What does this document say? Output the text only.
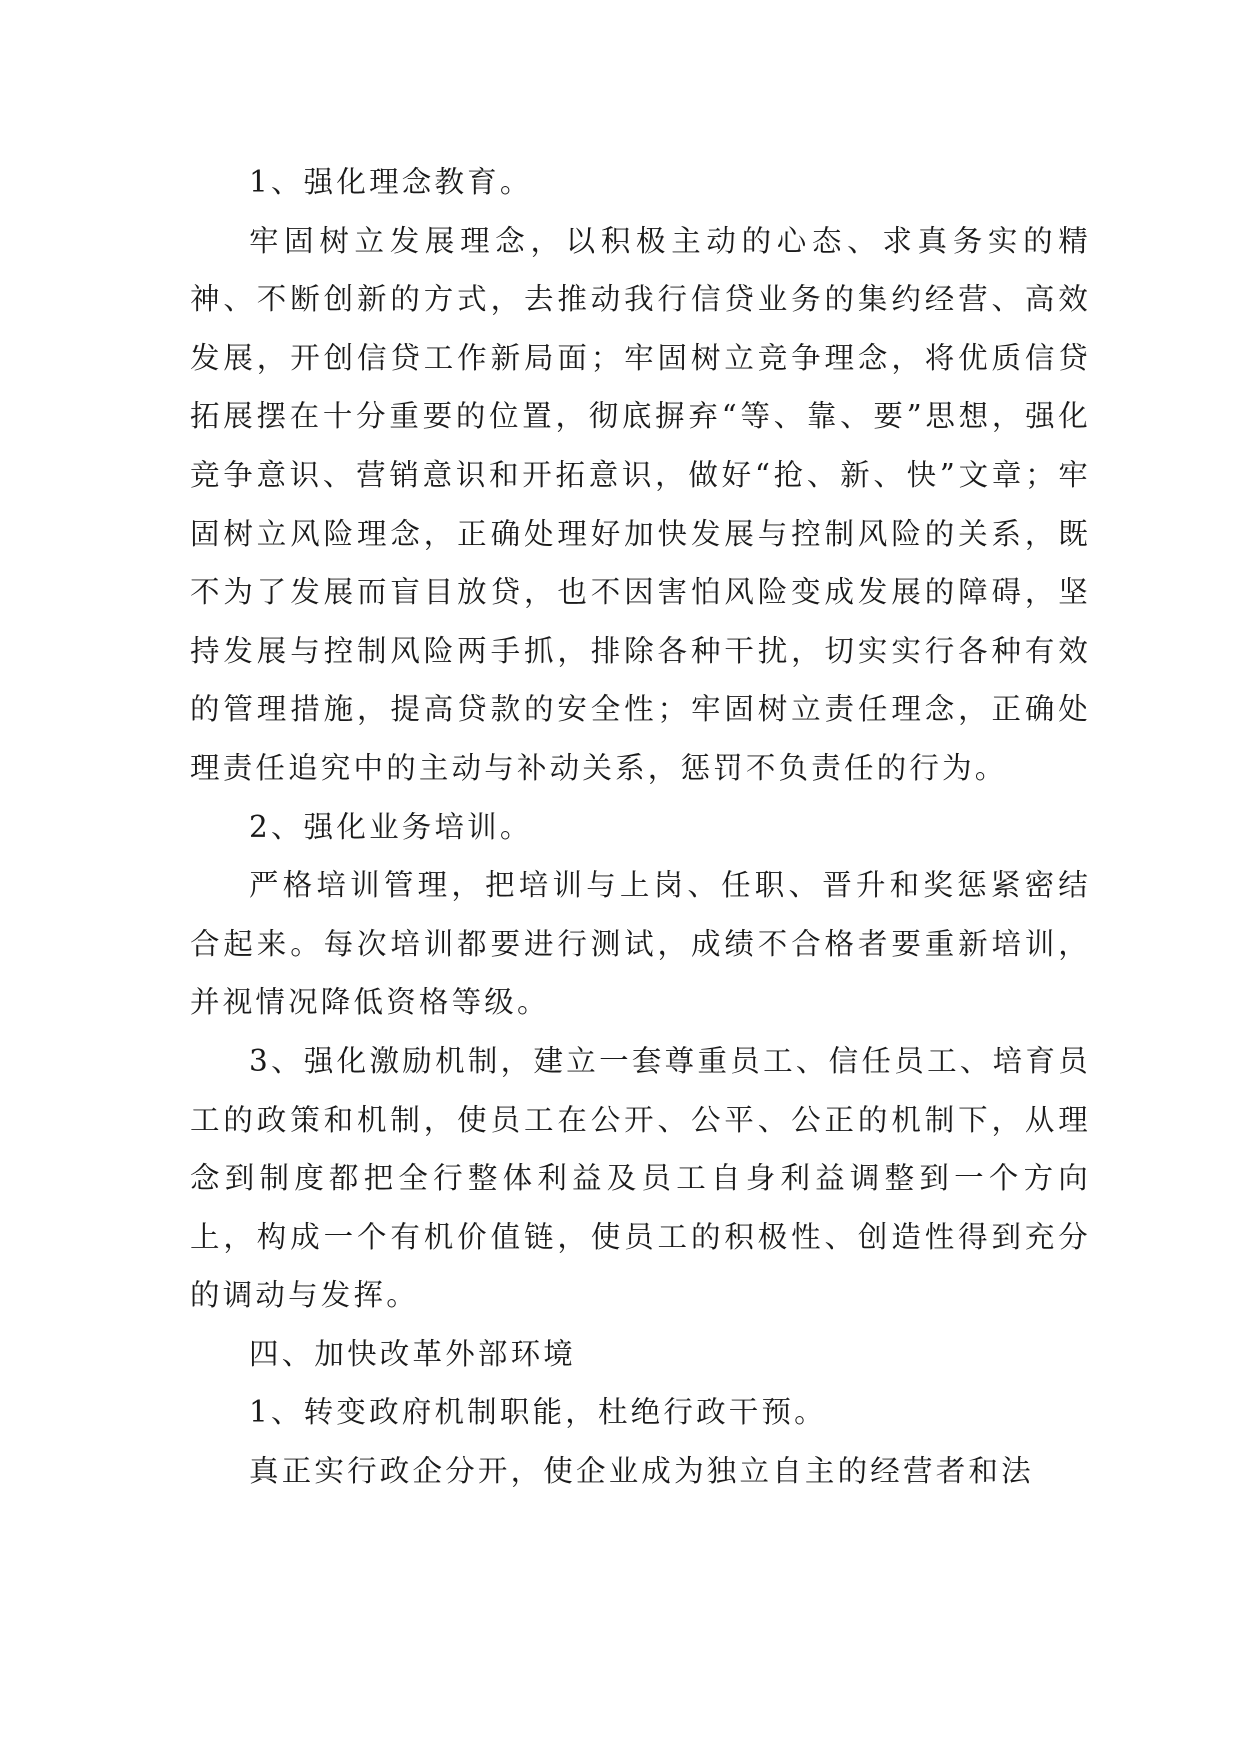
1、强化理念教育。

牢固树立发展理念，以积极主动的心态、求真务实的精神、不断创新的方式，去推动我行信贷业务的集约经营、高效发展，开创信贷工作新局面；牢固树立竞争理念，将优质信贷拓展摆在十分重要的位置，彻底摒弃“等、靠、要”思想，强化竞争意识、营销意识和开拓意识，做好“抢、新、快”文章；牢固树立风险理念，正确处理好加快发展与控制风险的关系，既不为了发展而盲目放贷，也不因害怕风险变成发展的障碍，坚持发展与控制风险两手抓，排除各种干扰，切实实行各种有效的管理措施，提高贷款的安全性；牢固树立责任理念，正确处理责任追究中的主动与补动关系，惩罚不负责任的行为。

2、强化业务培训。

严格培训管理，把培训与上岗、任职、晋升和奖惩紧密结合起来。每次培训都要进行测试，成绩不合格者要重新培训，并视情况降低资格等级。

3、强化激励机制，建立一套尊重员工、信任员工、培育员工的政策和机制，使员工在公开、公平、公正的机制下，从理念到制度都把全行整体利益及员工自身利益调整到一个方向上，构成一个有机价值链，使员工的积极性、创造性得到充分的调动与发挥。

四、加快改革外部环境

1、转变政府机制职能，杜绝行政干预。

真正实行政企分开，使企业成为独立自主的经营者和法
